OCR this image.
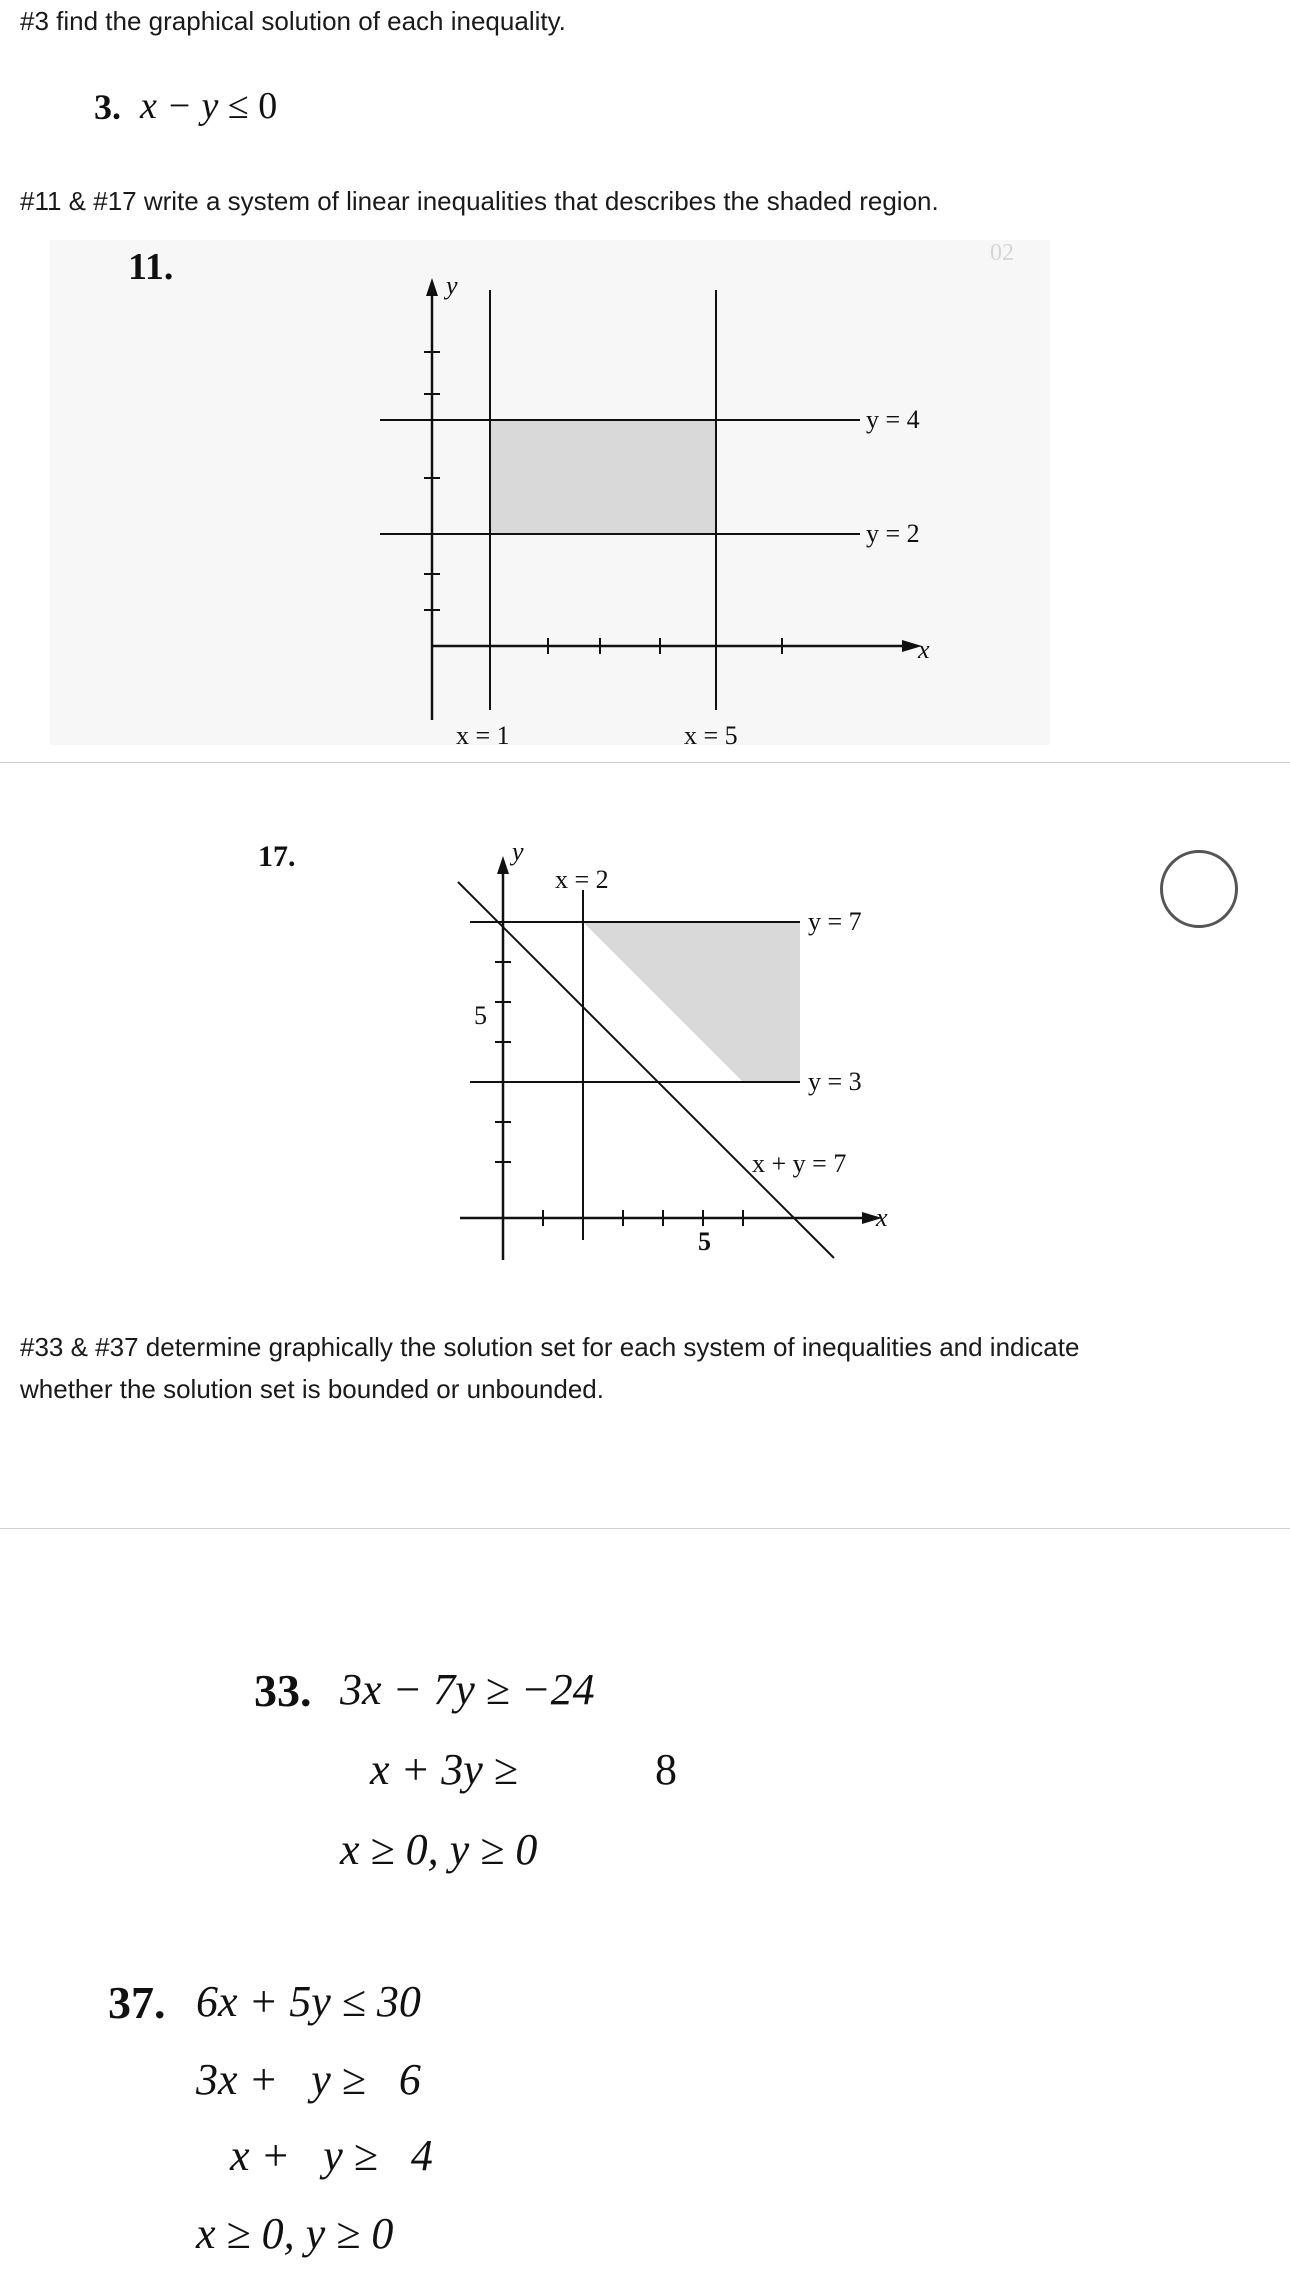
#3 find the graphical solution of each inequality.
3. x − y ≤ 0
#11 & #17 write a system of linear inequalities that describes the shaded region.
11.	02
y
x
y = 4
y = 2
x = 1	x = 5
17.	y
x
x = 2
y = 7
y = 3
x + y = 7
5
5
#33 & #37 determine graphically the solution set for each system of inequalities and indicate
whether the solution set is bounded or unbounded.
33. 3x − 7y ≥ −24
x + 3y ≥	8
x ≥ 0, y ≥ 0
37. 6x + 5y ≤ 30
3x +   y ≥   6
x +   y ≥   4
x ≥ 0, y ≥ 0
